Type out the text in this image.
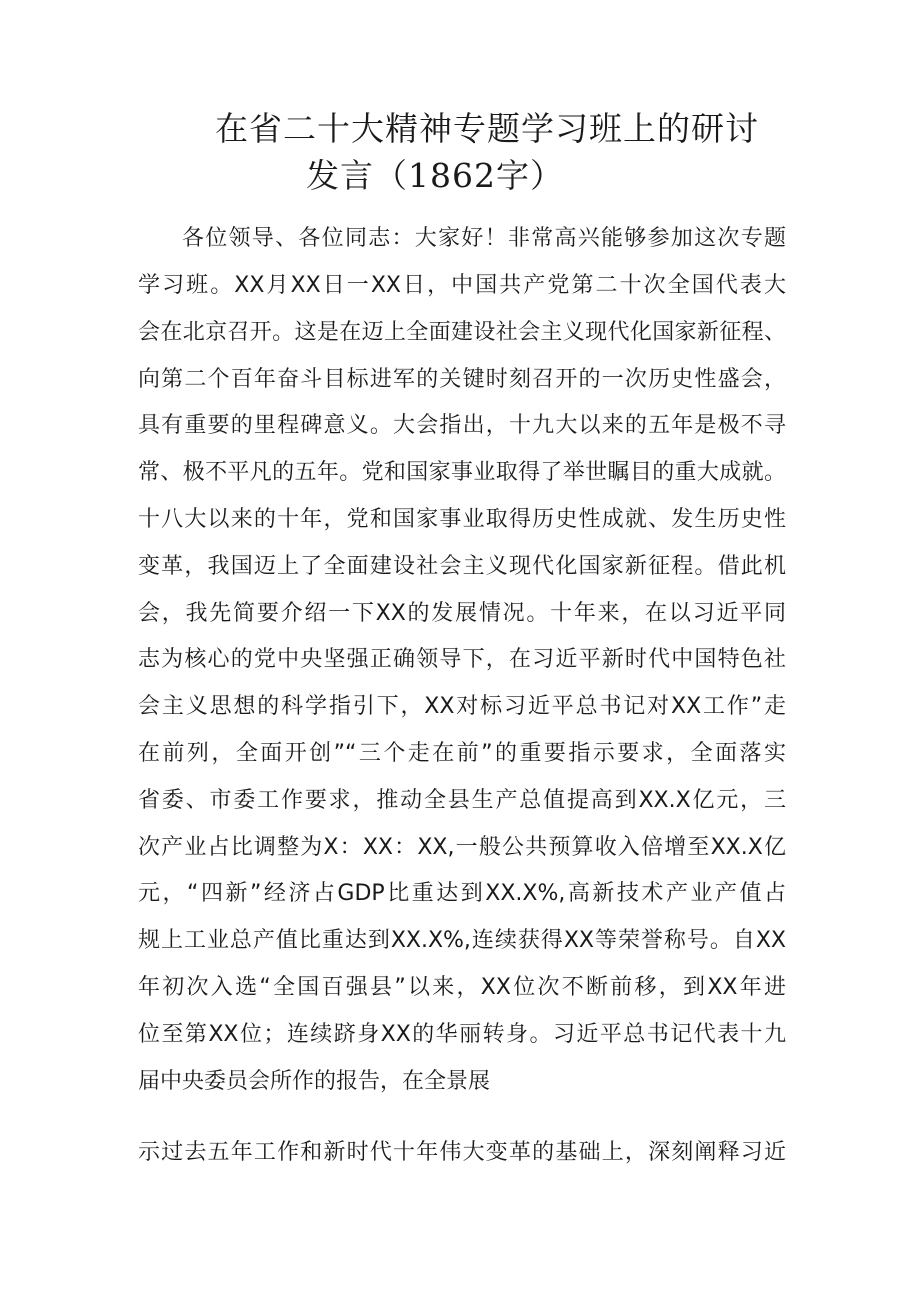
在省二十大精神专题学习班上的研讨
发言（1862字）
各位领导、各位同志：大家好！非常高兴能够参加这次专题
学习班。XX月XX日一XX日，中国共产党第二十次全国代表大
会在北京召开。这是在迈上全面建设社会主义现代化国家新征程、
向第二个百年奋斗目标进军的关键时刻召开的一次历史性盛会，
具有重要的里程碑意义。大会指出，十九大以来的五年是极不寻
常、极不平凡的五年。党和国家事业取得了举世瞩目的重大成就。
十八大以来的十年，党和国家事业取得历史性成就、发生历史性
变革，我国迈上了全面建设社会主义现代化国家新征程。借此机
会，我先简要介绍一下XX的发展情况。十年来，在以习近平同
志为核心的党中央坚强正确领导下，在习近平新时代中国特色社
会主义思想的科学指引下，XX对标习近平总书记对XX工作”走
在前列，全面开创”“三个走在前”的重要指示要求，全面落实
省委、市委工作要求，推动全县生产总值提高到XX.X亿元，三
次产业占比调整为X：XX：XX,一般公共预算收入倍增至XX.X亿
元，“四新”经济占GDP比重达到XX.X%,高新技术产业产值占
规上工业总产值比重达到XX.X%,连续获得XX等荣誉称号。自XX
年初次入选“全国百强县”以来，XX位次不断前移，到XX年进
位至第XX位；连续跻身XX的华丽转身。习近平总书记代表十九
届中央委员会所作的报告，在全景展
示过去五年工作和新时代十年伟大变革的基础上，深刻阐释习近
